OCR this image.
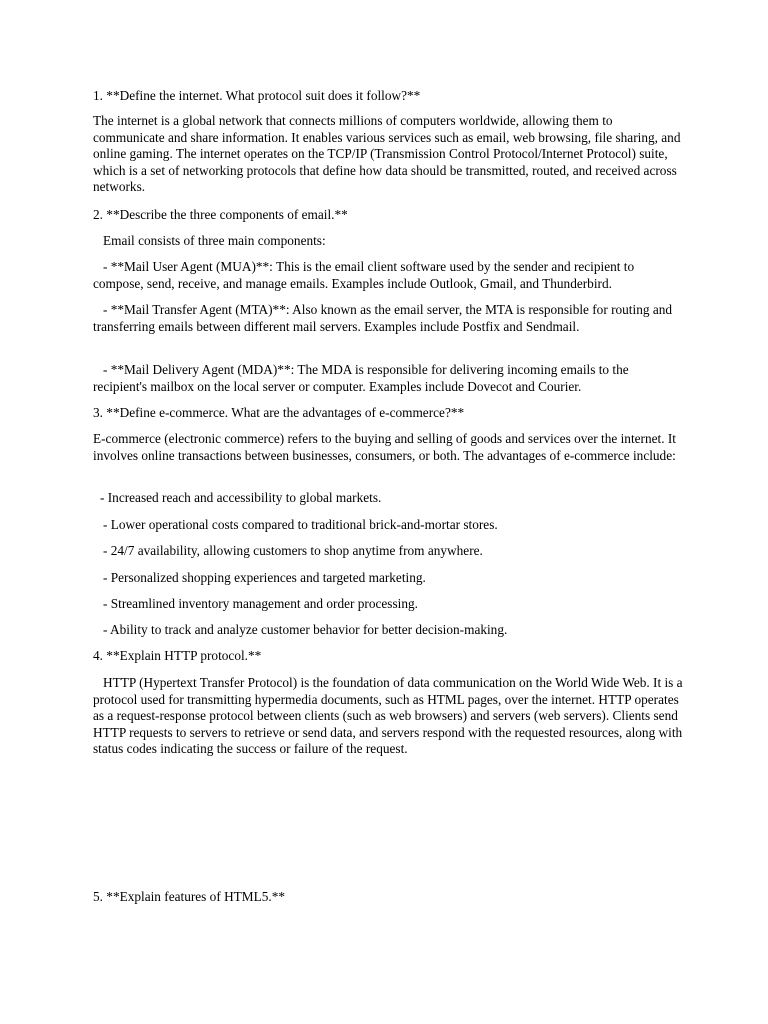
1. **Define the internet. What protocol suit does it follow?**

The internet is a global network that connects millions of computers worldwide, allowing them to communicate and share information. It enables various services such as email, web browsing, file sharing, and online gaming. The internet operates on the TCP/IP (Transmission Control Protocol/Internet Protocol) suite, which is a set of networking protocols that define how data should be transmitted, routed, and received across networks.

2. **Describe the three components of email.**

Email consists of three main components:

- **Mail User Agent (MUA)**: This is the email client software used by the sender and recipient to compose, send, receive, and manage emails. Examples include Outlook, Gmail, and Thunderbird.

- **Mail Transfer Agent (MTA)**: Also known as the email server, the MTA is responsible for routing and transferring emails between different mail servers. Examples include Postfix and Sendmail.

- **Mail Delivery Agent (MDA)**: The MDA is responsible for delivering incoming emails to the recipient's mailbox on the local server or computer. Examples include Dovecot and Courier.

3. **Define e-commerce. What are the advantages of e-commerce?**

E-commerce (electronic commerce) refers to the buying and selling of goods and services over the internet. It involves online transactions between businesses, consumers, or both. The advantages of e-commerce include:

- Increased reach and accessibility to global markets.

- Lower operational costs compared to traditional brick-and-mortar stores.

- 24/7 availability, allowing customers to shop anytime from anywhere.

- Personalized shopping experiences and targeted marketing.

- Streamlined inventory management and order processing.

- Ability to track and analyze customer behavior for better decision-making.

4. **Explain HTTP protocol.**

HTTP (Hypertext Transfer Protocol) is the foundation of data communication on the World Wide Web. It is a protocol used for transmitting hypermedia documents, such as HTML pages, over the internet. HTTP operates as a request-response protocol between clients (such as web browsers) and servers (web servers). Clients send HTTP requests to servers to retrieve or send data, and servers respond with the requested resources, along with status codes indicating the success or failure of the request.

5. **Explain features of HTML5.**
